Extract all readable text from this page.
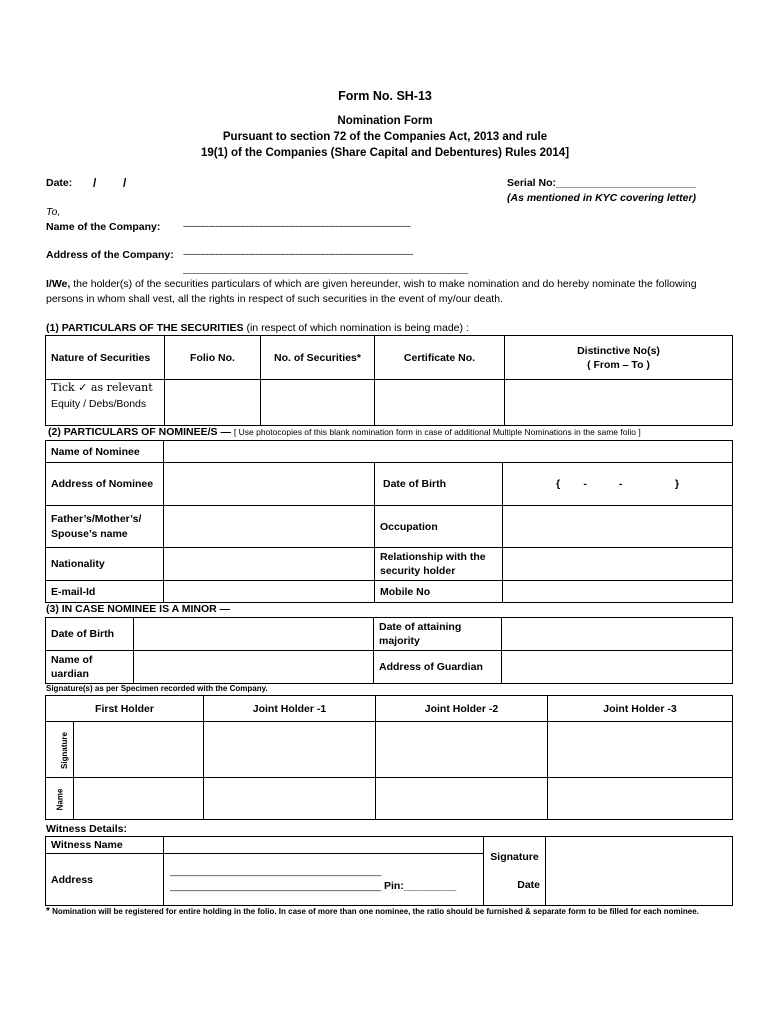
Form No. SH-13
Nomination Form
Pursuant to section 72 of the Companies Act, 2013 and rule
19(1) of the Companies (Share Capital and Debentures) Rules 2014]
Date: / /	Serial No:________________________
(As mentioned in KYC covering letter)
To,
Name of the Company:	-------------------------------------------------------------------------------------------
Address of the Company: --------------------------------------------------------------------------------------------
_________________________________________________________
I/We, the holder(s) of the securities particulars of which are given hereunder, wish to make nomination and do hereby nominate the following persons in whom shall vest, all the rights in respect of such securities in the event of my/our death.
(1) PARTICULARS OF THE SECURITIES (in respect of which nomination is being made) :
Nature of Securities	Folio No.	No. of Securities*	Certificate No.	Distinctive No(s)
( From – To )

Tick ✓ as relevant
Equity / Debs/Bonds				

(2) PARTICULARS OF NOMINEE/S — [ Use photocopies of this blank nomination form in case of additional Multiple Nominations in the same folio ]
Name of Nominee			
Address of Nominee		Date of Birth	{        -           -                  }
Father’s/Mother’s/ Spouse’s name		Occupation	
Nationality		Relationship with the security holder	
E-mail-Id		Mobile No	
(3) IN CASE NOMINEE IS A MINOR —
Date of Birth		Date of attaining majority	
Name of uardian		Address of Guardian	
Signature(s) as per Specimen recorded with the Company.
First Holder		Joint Holder -1	Joint Holder -2	Joint Holder -3
Signature				
Name				
Witness Details:
Witness Name		Signature
Date	

Address	________________________________________
________________________________________ Pin:_________		
* Nomination will be registered for entire holding in the folio. In case of more than one nominee, the ratio should be furnished & separate form to be filled for each nominee.
